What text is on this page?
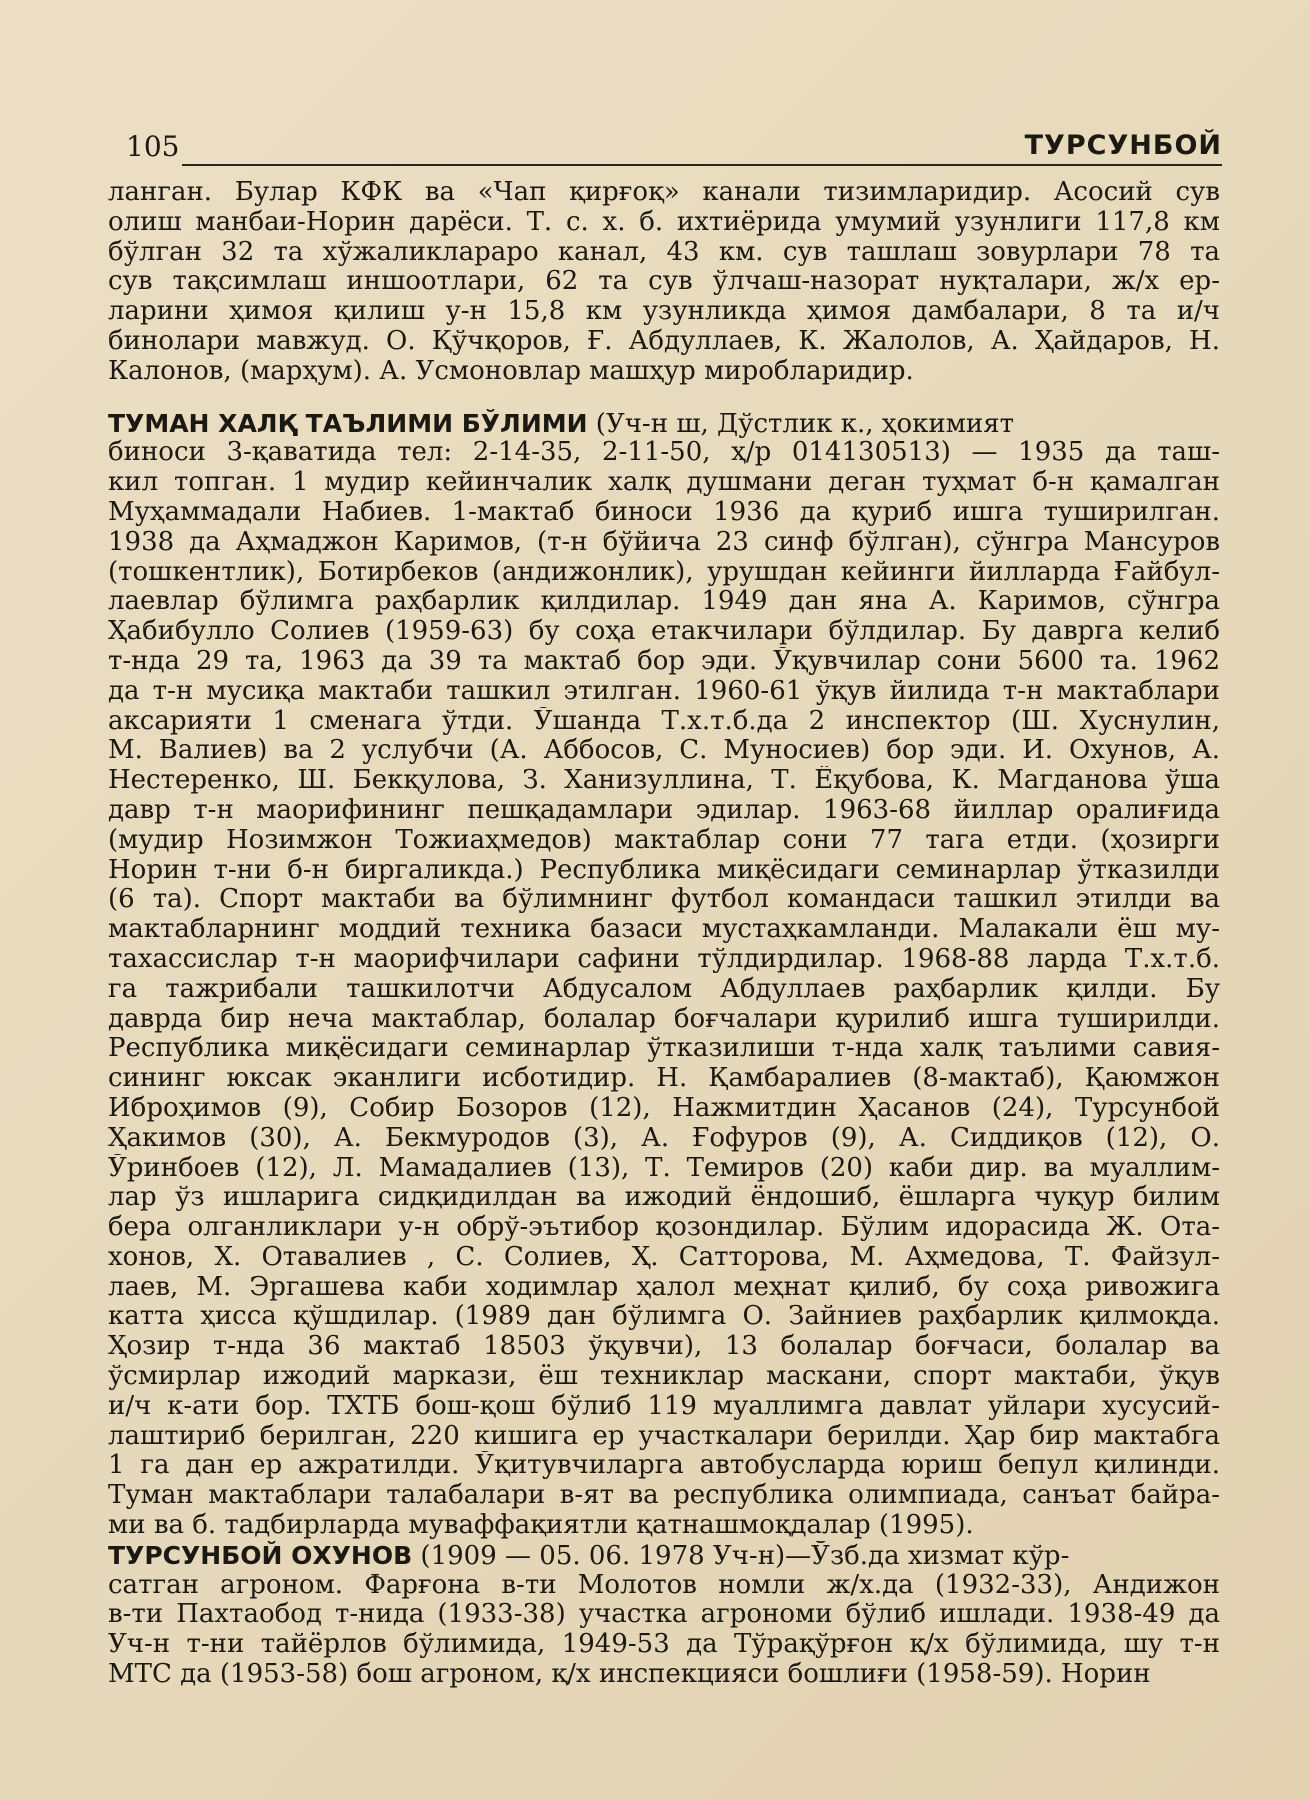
105	ТУРСУНБОЙ
ланган. Булар КФК ва «Чап қирғоқ» канали тизимларидир. Асосий сув
олиш манбаи-Норин дарёси. Т. с. х. б. ихтиёрида умумий узунлиги 117,8 км
бўлган 32 та хўжаликлараро канал, 43 км. сув ташлаш зовурлари 78 та
сув тақсимлаш иншоотлари, 62 та сув ўлчаш-назорат нуқталари, ж/х ер-
ларини ҳимоя қилиш у-н 15,8 км узунликда ҳимоя дамбалари, 8 та и/ч
бинолари мавжуд. О. Қўчқоров, Ғ. Абдуллаев, К. Жалолов, А. Ҳайдаров, Н.
Калонов, (марҳум). А. Усмоновлар машҳур миробларидир.
ТУМАН ХАЛҚ ТАЪЛИМИ БЎЛИМИ (Уч-н ш, Дўстлик к., ҳокимият
биноси 3-қаватида тел: 2-14-35, 2-11-50, ҳ/р 014130513) — 1935 да таш-
кил топган. 1 мудир кейинчалик халқ душмани деган туҳмат б-н қамалган
Муҳаммадали Набиев. 1-мактаб биноси 1936 да қуриб ишга туширилган.
1938 да Аҳмаджон Каримов, (т-н бўйича 23 синф бўлган), сўнгра Мансуров
(тошкентлик), Ботирбеков (андижонлик), урушдан кейинги йилларда Ғайбул-
лаевлар бўлимга раҳбарлик қилдилар. 1949 дан яна А. Каримов, сўнгра
Ҳабибулло Солиев (1959-63) бу соҳа етакчилари бўлдилар. Бу даврга келиб
т-нда 29 та, 1963 да 39 та мактаб бор эди. Ўқувчилар сони 5600 та. 1962
да т-н мусиқа мактаби ташкил этилган. 1960-61 ўқув йилида т-н мактаблари
аксарияти 1 сменага ўтди. Ўшанда Т.х.т.б.да 2 инспектор (Ш. Хуснулин,
М. Валиев) ва 2 услубчи (А. Аббосов, С. Муносиев) бор эди. И. Охунов, А.
Нестеренко, Ш. Бекқулова, З. Ханизуллина, Т. Ёқубова, К. Магданова ўша
давр т-н маорифининг пешқадамлари эдилар. 1963-68 йиллар оралиғида
(мудир Нозимжон Тожиаҳмедов) мактаблар сони 77 тага етди. (ҳозирги
Норин т-ни б-н биргаликда.) Республика миқёсидаги семинарлар ўтказилди
(6 та). Спорт мактаби ва бўлимнинг футбол командаси ташкил этилди ва
мактабларнинг моддий техника базаси мустаҳкамланди. Малакали ёш му-
тахассислар т-н маорифчилари сафини тўлдирдилар. 1968-88 ларда Т.х.т.б.
га тажрибали ташкилотчи Абдусалом Абдуллаев раҳбарлик қилди. Бу
даврда бир неча мактаблар, болалар боғчалари қурилиб ишга туширилди.
Республика миқёсидаги семинарлар ўтказилиши т-нда халқ таълими савия-
сининг юксак эканлиги исботидир. Н. Қамбаралиев (8-мактаб), Қаюмжон
Иброҳимов (9), Собир Бозоров (12), Нажмитдин Ҳасанов (24), Турсунбой
Ҳакимов (30), А. Бекмуродов (3), А. Ғофуров (9), А. Сиддиқов (12), О.
Ўринбоев (12), Л. Мамадалиев (13), Т. Темиров (20) каби дир. ва муаллим-
лар ўз ишларига сидқидилдан ва ижодий ёндошиб, ёшларга чуқур билим
бера олганликлари у-н обрў-эътибор қозондилар. Бўлим идорасида Ж. Ота-
хонов, Х. Отавалиев , С. Солиев, Ҳ. Сатторова, М. Аҳмедова, Т. Файзул-
лаев, М. Эргашева каби ходимлар ҳалол меҳнат қилиб, бу соҳа ривожига
катта ҳисса қўшдилар. (1989 дан бўлимга О. Зайниев раҳбарлик қилмоқда.
Ҳозир т-нда 36 мактаб 18503 ўқувчи), 13 болалар боғчаси, болалар ва
ўсмирлар ижодий маркази, ёш техниклар маскани, спорт мактаби, ўқув
и/ч к-ати бор. ТХТБ бош-қош бўлиб 119 муаллимга давлат уйлари хусусий-
лаштириб берилган, 220 кишига ер участкалари берилди. Ҳар бир мактабга
1 га дан ер ажратилди. Ўқитувчиларга автобусларда юриш бепул қилинди.
Туман мактаблари талабалари в-ят ва республика олимпиада, санъат байра-
ми ва б. тадбирларда муваффақиятли қатнашмоқдалар (1995).
ТУРСУНБОЙ ОХУНОВ (1909 — 05. 06. 1978 Уч-н)—Ўзб.да хизмат кўр-
сатган агроном. Фарғона в-ти Молотов номли ж/х.да (1932-33), Андижон
в-ти Пахтаобод т-нида (1933-38) участка агрономи бўлиб ишлади. 1938-49 да
Уч-н т-ни тайёрлов бўлимида, 1949-53 да Тўрақўрғон қ/х бўлимида, шу т-н
МТС да (1953-58) бош агроном, қ/х инспекцияси бошлиғи (1958-59). Норин
